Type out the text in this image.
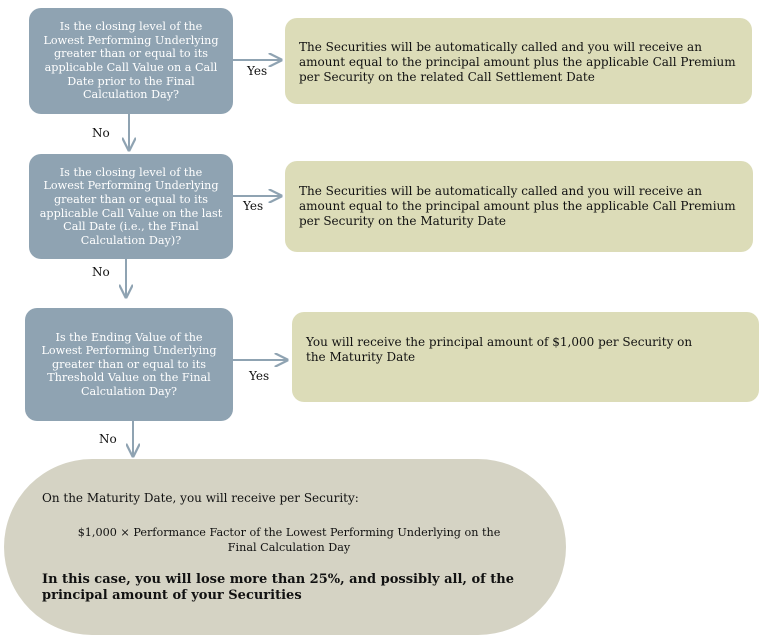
Is the closing level of the Lowest Performing Underlying greater than or equal to its applicable Call Value on a Call Date prior to the Final Calculation Day?
Is the closing level of the Lowest Performing Underlying greater than or equal to its applicable Call Value on the last Call Date (i.e., the Final Calculation Day)?
Is the Ending Value of the Lowest Performing Underlying greater than or equal to its Threshold Value on the Final Calculation Day?
The Securities will be automatically called and you will receive an amount equal to the principal amount plus the applicable Call Premium per Security on the related Call Settlement Date
The Securities will be automatically called and you will receive an amount equal to the principal amount plus the applicable Call Premium per Security on the Maturity Date
You will receive the principal amount of $1,000 per Security on the Maturity Date
Yes
No
Yes
No
Yes
No
On the Maturity Date, you will receive per Security:
$1,000 × Performance Factor of the Lowest Performing Underlying on the Final Calculation Day
In this case, you will lose more than 25%, and possibly all, of the principal amount of your Securities
